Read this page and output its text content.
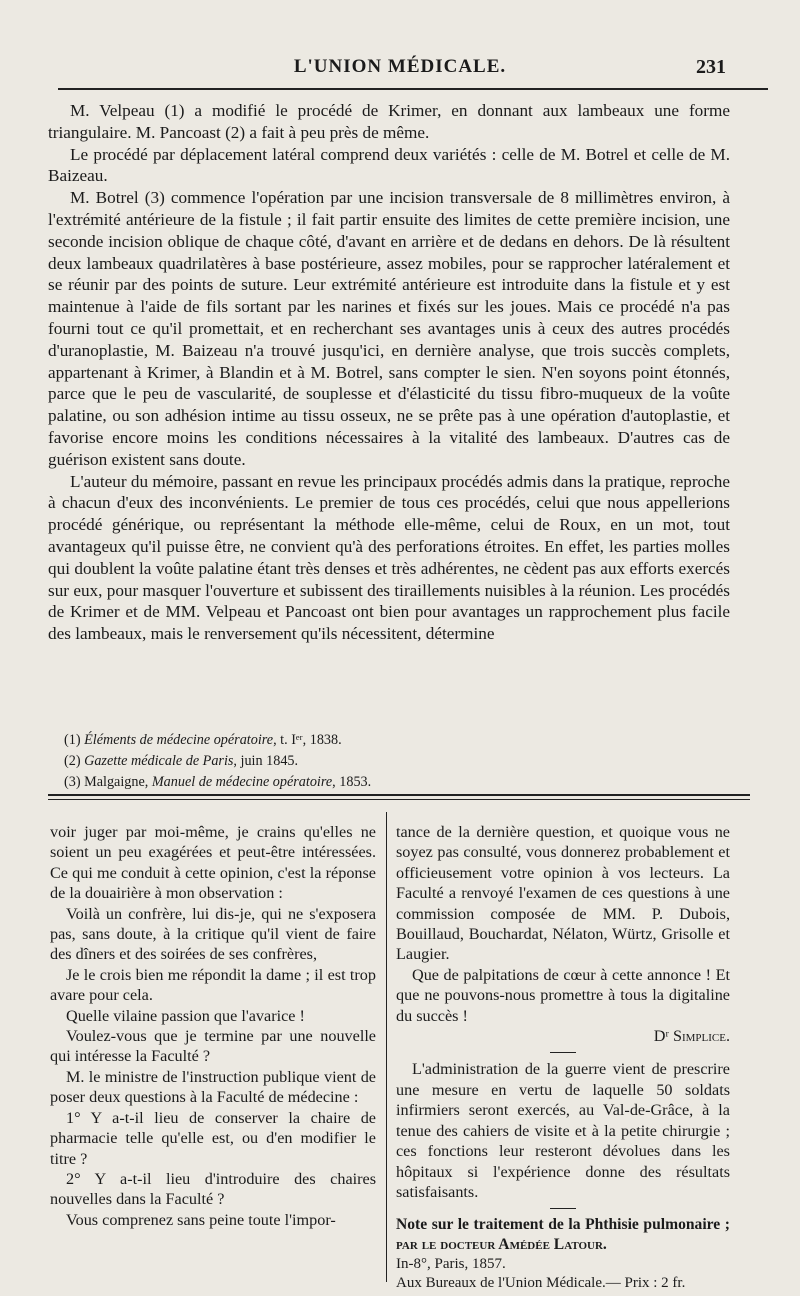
L'UNION MÉDICALE.	231

M. Velpeau (1) a modifié le procédé de Krimer, en donnant aux lambeaux une forme triangulaire. M. Pancoast (2) a fait à peu près de même.

Le procédé par déplacement latéral comprend deux variétés : celle de M. Botrel et celle de M. Baizeau.

M. Botrel (3) commence l'opération par une incision transversale de 8 millimètres environ, à l'extrémité antérieure de la fistule ; il fait partir ensuite des limites de cette première incision, une seconde incision oblique de chaque côté, d'avant en arrière et de dedans en dehors. De là résultent deux lambeaux quadrilatères à base postérieure, assez mobiles, pour se rapprocher latéralement et se réunir par des points de suture. Leur extrémité antérieure est introduite dans la fistule et y est maintenue à l'aide de fils sortant par les narines et fixés sur les joues. Mais ce procédé n'a pas fourni tout ce qu'il promettait, et en recherchant ses avantages unis à ceux des autres procédés d'uranoplastie, M. Baizeau n'a trouvé jusqu'ici, en dernière analyse, que trois succès complets, appartenant à Krimer, à Blandin et à M. Botrel, sans compter le sien. N'en soyons point étonnés, parce que le peu de vascularité, de souplesse et d'élasticité du tissu fibro-muqueux de la voûte palatine, ou son adhésion intime au tissu osseux, ne se prête pas à une opération d'autoplastie, et favorise encore moins les conditions nécessaires à la vitalité des lambeaux. D'autres cas de guérison existent sans doute.

L'auteur du mémoire, passant en revue les principaux procédés admis dans la pratique, reproche à chacun d'eux des inconvénients. Le premier de tous ces procédés, celui que nous appellerions procédé générique, ou représentant la méthode elle-même, celui de Roux, en un mot, tout avantageux qu'il puisse être, ne convient qu'à des perforations étroites. En effet, les parties molles qui doublent la voûte palatine étant très denses et très adhérentes, ne cèdent pas aux efforts exercés sur eux, pour masquer l'ouverture et subissent des tiraillements nuisibles à la réunion. Les procédés de Krimer et de MM. Velpeau et Pancoast ont bien pour avantages un rapprochement plus facile des lambeaux, mais le renversement qu'ils nécessitent, détermine

(1) Éléments de médecine opératoire, t. Iᵉʳ, 1838.
(2) Gazette médicale de Paris, juin 1845.
(3) Malgaigne, Manuel de médecine opératoire, 1853.

voir juger par moi-même, je crains qu'elles ne soient un peu exagérées et peut-être intéressées. Ce qui me conduit à cette opinion, c'est la réponse de la douairière à mon observation :

Voilà un confrère, lui dis-je, qui ne s'exposera pas, sans doute, à la critique qu'il vient de faire des dîners et des soirées de ses confrères,

Je le crois bien me répondit la dame ; il est trop avare pour cela.

Quelle vilaine passion que l'avarice !

Voulez-vous que je termine par une nouvelle qui intéresse la Faculté ?

M. le ministre de l'instruction publique vient de poser deux questions à la Faculté de médecine :

1° Y a-t-il lieu de conserver la chaire de pharmacie telle qu'elle est, ou d'en modifier le titre ?

2° Y a-t-il lieu d'introduire des chaires nouvelles dans la Faculté ?

Vous comprenez sans peine toute l'impor-

tance de la dernière question, et quoique vous ne soyez pas consulté, vous donnerez probablement et officieusement votre opinion à vos lecteurs. La Faculté a renvoyé l'examen de ces questions à une commission composée de MM. P. Dubois, Bouillaud, Bouchardat, Nélaton, Würtz, Grisolle et Laugier.

Que de palpitations de cœur à cette annonce ! Et que ne pouvons-nous promettre à tous la digitaline du succès !

Dʳ Simplice.

L'administration de la guerre vient de prescrire une mesure en vertu de laquelle 50 soldats infirmiers seront exercés, au Val-de-Grâce, à la tenue des cahiers de visite et à la petite chirurgie ; ces fonctions leur resteront dévolues dans les hôpitaux si l'expérience donne des résultats satisfaisants.

Note sur le traitement de la Phthisie pulmonaire ; par le docteur Amédée Latour.

In-8°, Paris, 1857.

Aux Bureaux de l'Union Médicale.— Prix : 2 fr.
